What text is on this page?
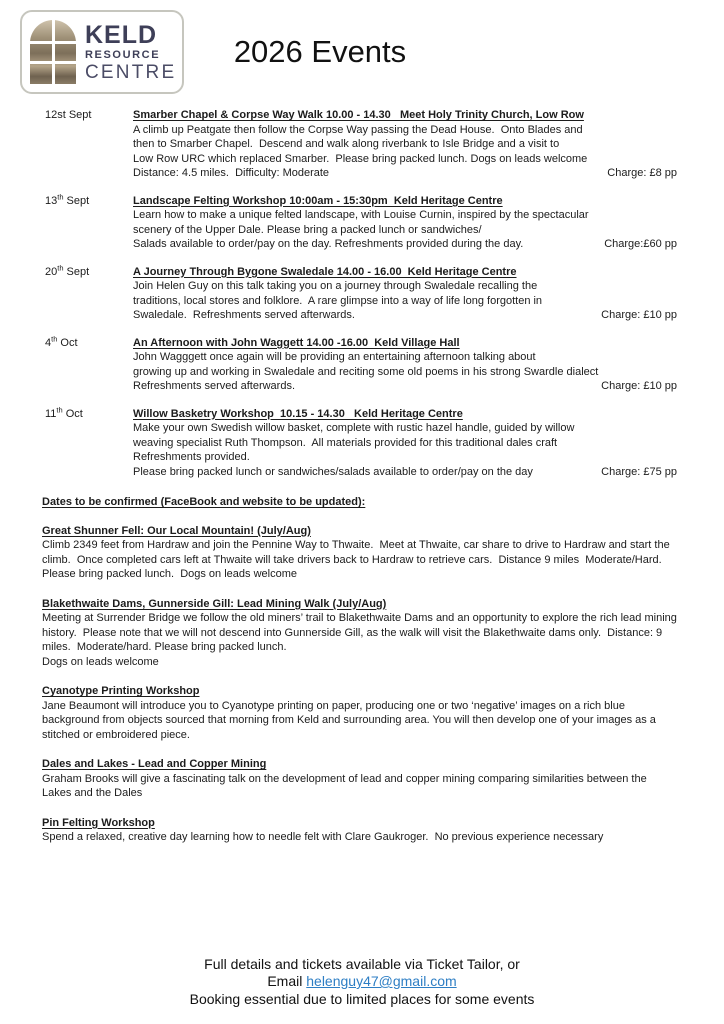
KELD
RESOURCE
CENTRE
2026 Events
12st Sept	Smarber Chapel & Corpse Way Walk 10.00 - 14.30   Meet Holy Trinity Church, Low Row
A climb up Peatgate then follow the Corpse Way passing the Dead House.  Onto Blades and
then to Smarber Chapel.  Descend and walk along riverbank to Isle Bridge and a visit to
Low Row URC which replaced Smarber.  Please bring packed lunch. Dogs on leads welcome
Distance: 4.5 miles.  Difficulty: Moderate	Charge: £8 pp
13th Sept	Landscape Felting Workshop 10:00am - 15:30pm  Keld Heritage Centre
Learn how to make a unique felted landscape, with Louise Curnin, inspired by the spectacular
scenery of the Upper Dale. Please bring a packed lunch or sandwiches/
Salads available to order/pay on the day. Refreshments provided during the day.	Charge:£60 pp
20th Sept	A Journey Through Bygone Swaledale 14.00 - 16.00  Keld Heritage Centre
Join Helen Guy on this talk taking you on a journey through Swaledale recalling the
traditions, local stores and folklore.  A rare glimpse into a way of life long forgotten in
Swaledale.  Refreshments served afterwards.	Charge: £10 pp
4th Oct	An Afternoon with John Waggett 14.00 -16.00  Keld Village Hall
John Wagggett once again will be providing an entertaining afternoon talking about
growing up and working in Swaledale and reciting some old poems in his strong Swardle dialect
Refreshments served afterwards.	Charge: £10 pp
11th Oct	Willow Basketry Workshop  10.15 - 14.30   Keld Heritage Centre
Make your own Swedish willow basket, complete with rustic hazel handle, guided by willow
weaving specialist Ruth Thompson.  All materials provided for this traditional dales craft
Refreshments provided.
Please bring packed lunch or sandwiches/salads available to order/pay on the day	Charge: £75 pp
Dates to be confirmed (FaceBook and website to be updated):
Great Shunner Fell: Our Local Mountain! (July/Aug)

Climb 2349 feet from Hardraw and join the Pennine Way to Thwaite.  Meet at Thwaite, car share to drive to Hardraw and start the climb.  Once completed cars left at Thwaite will take drivers back to Hardraw to retrieve cars.  Distance 9 miles  Moderate/Hard.  Please bring packed lunch.  Dogs on leads welcome

Blakethwaite Dams, Gunnerside Gill: Lead Mining Walk (July/Aug)

Meeting at Surrender Bridge we follow the old miners’ trail to Blakethwaite Dams and an opportunity to explore the rich lead mining history.  Please note that we will not descend into Gunnerside Gill, as the walk will visit the Blakethwaite dams only.  Distance: 9 miles.  Moderate/hard. Please bring packed lunch.

Dogs on leads welcome

Cyanotype Printing Workshop

Jane Beaumont will introduce you to Cyanotype printing on paper, producing one or two ‘negative’ images on a rich blue background from objects sourced that morning from Keld and surrounding area. You will then develop one of your images as a stitched or embroidered piece.

Dales and Lakes - Lead and Copper Mining

Graham Brooks will give a fascinating talk on the development of lead and copper mining comparing similarities between the Lakes and the Dales

Pin Felting Workshop

Spend a relaxed, creative day learning how to needle felt with Clare Gaukroger.  No previous experience necessary

Full details and tickets available via Ticket Tailor, or
Email helenguy47@gmail.com
Booking essential due to limited places for some events
